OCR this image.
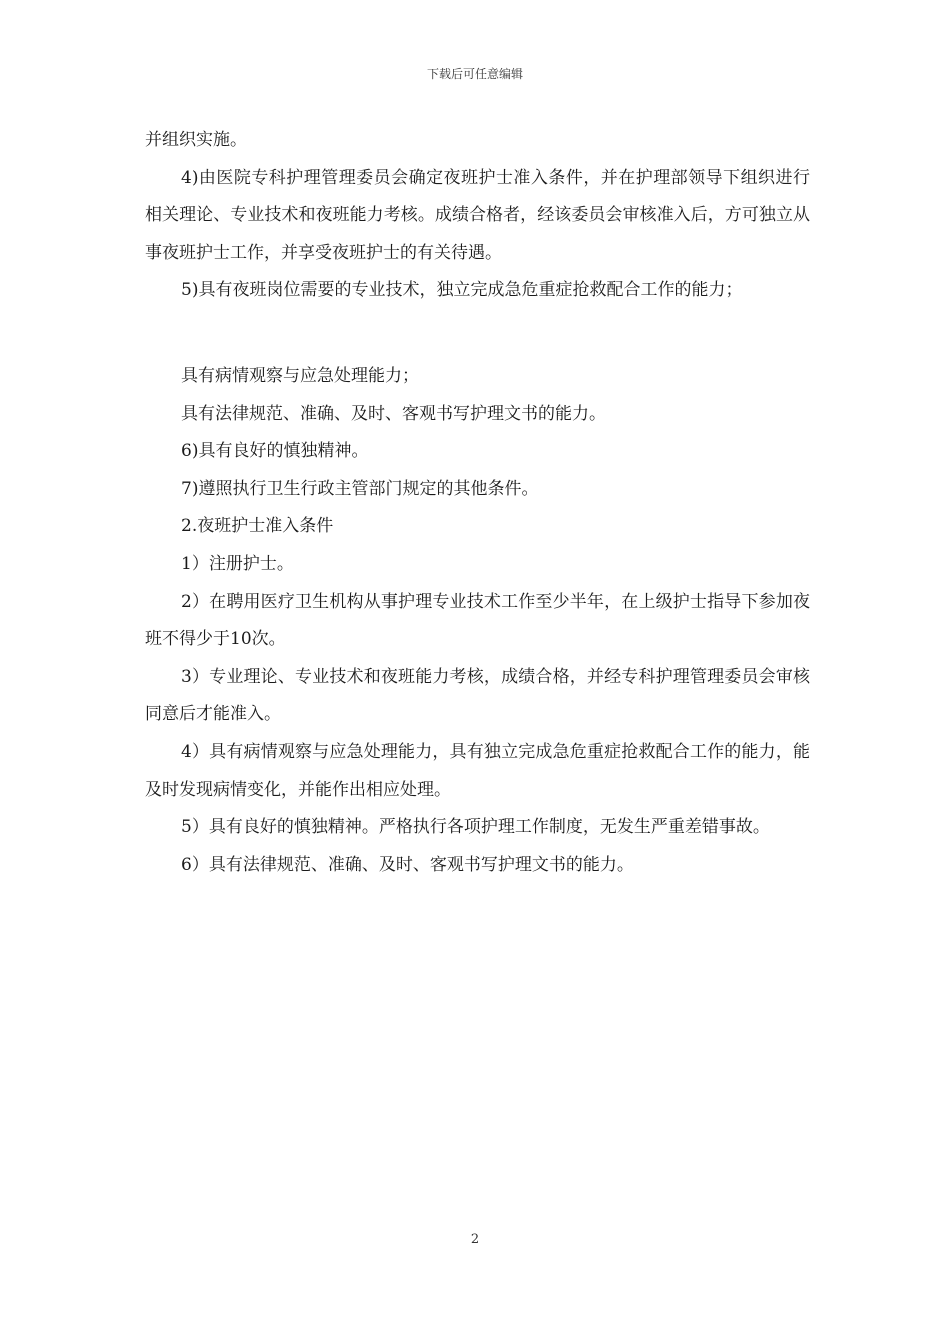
下载后可任意编辑

并组织实施。

4)由医院专科护理管理委员会确定夜班护士准入条件，并在护理部领导下组织进行相关理论、专业技术和夜班能力考核。成绩合格者，经该委员会审核准入后，方可独立从事夜班护士工作，并享受夜班护士的有关待遇。

5)具有夜班岗位需要的专业技术，独立完成急危重症抢救配合工作的能力；

具有病情观察与应急处理能力；

具有法律规范、准确、及时、客观书写护理文书的能力。

6)具有良好的慎独精神。

7)遵照执行卫生行政主管部门规定的其他条件。

2.夜班护士准入条件

1）注册护士。

2）在聘用医疗卫生机构从事护理专业技术工作至少半年，在上级护士指导下参加夜班不得少于10次。

3）专业理论、专业技术和夜班能力考核，成绩合格，并经专科护理管理委员会审核同意后才能准入。

4）具有病情观察与应急处理能力，具有独立完成急危重症抢救配合工作的能力，能及时发现病情变化，并能作出相应处理。

5）具有良好的慎独精神。严格执行各项护理工作制度，无发生严重差错事故。

6）具有法律规范、准确、及时、客观书写护理文书的能力。

2
